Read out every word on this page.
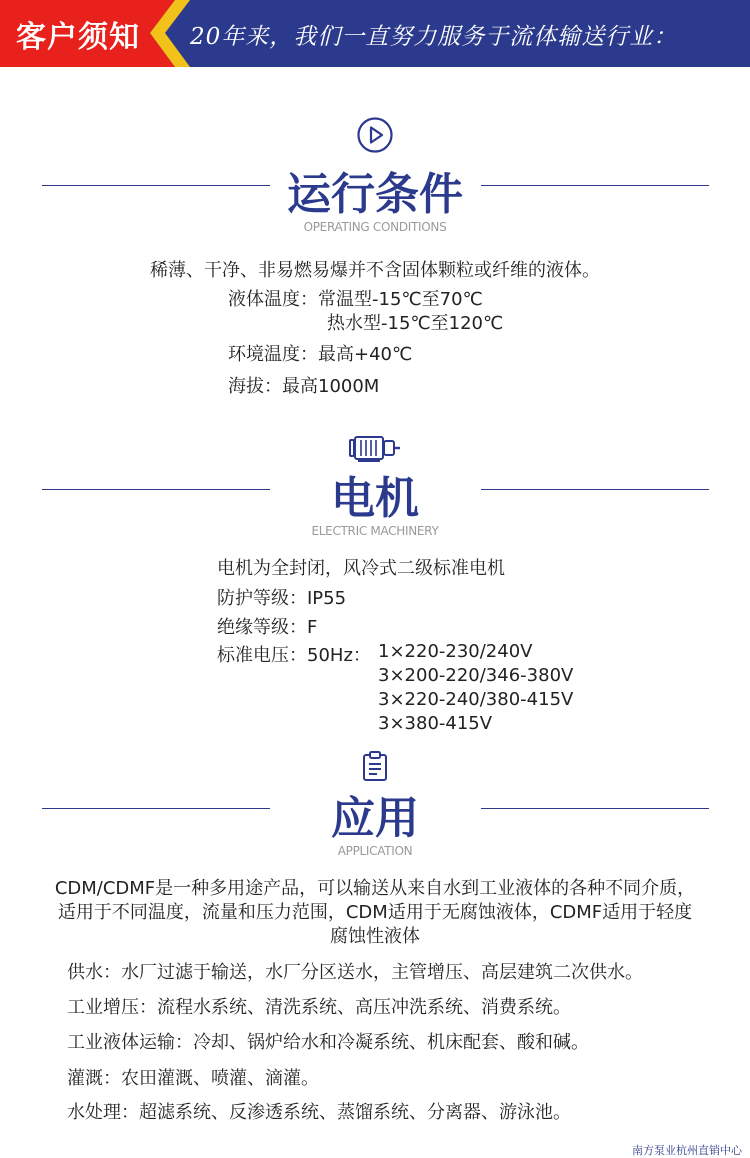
客户须知 20年来，我们一直努力服务于流体输送行业：
运行条件
OPERATING CONDITIONS
稀薄、干净、非易燃易爆并不含固体颗粒或纤维的液体。
液体温度：常温型-15℃至70℃
热水型-15℃至120℃
环境温度：最高+40℃
海拔：最高1000M
电机
ELECTRIC MACHINERY
电机为全封闭，风冷式二级标准电机
防护等级：IP55
绝缘等级：F
标准电压：50Hz： 1×220-230/240V
3×200-220/346-380V
3×220-240/380-415V
3×380-415V
应用
APPLICATION
CDM/CDMF是一种多用途产品，可以输送从来自水到工业液体的各种不同介质，
适用于不同温度，流量和压力范围，CDM适用于无腐蚀液体，CDMF适用于轻度
腐蚀性液体
供水：水厂过滤于输送，水厂分区送水，主管增压、高层建筑二次供水。
工业增压：流程水系统、清洗系统、高压冲洗系统、消费系统。
工业液体运输：冷却、锅炉给水和冷凝系统、机床配套、酸和碱。
灌溉：农田灌溉、喷灌、滴灌。
水处理：超滤系统、反渗透系统、蒸馏系统、分离器、游泳池。
南方泵业杭州直销中心
